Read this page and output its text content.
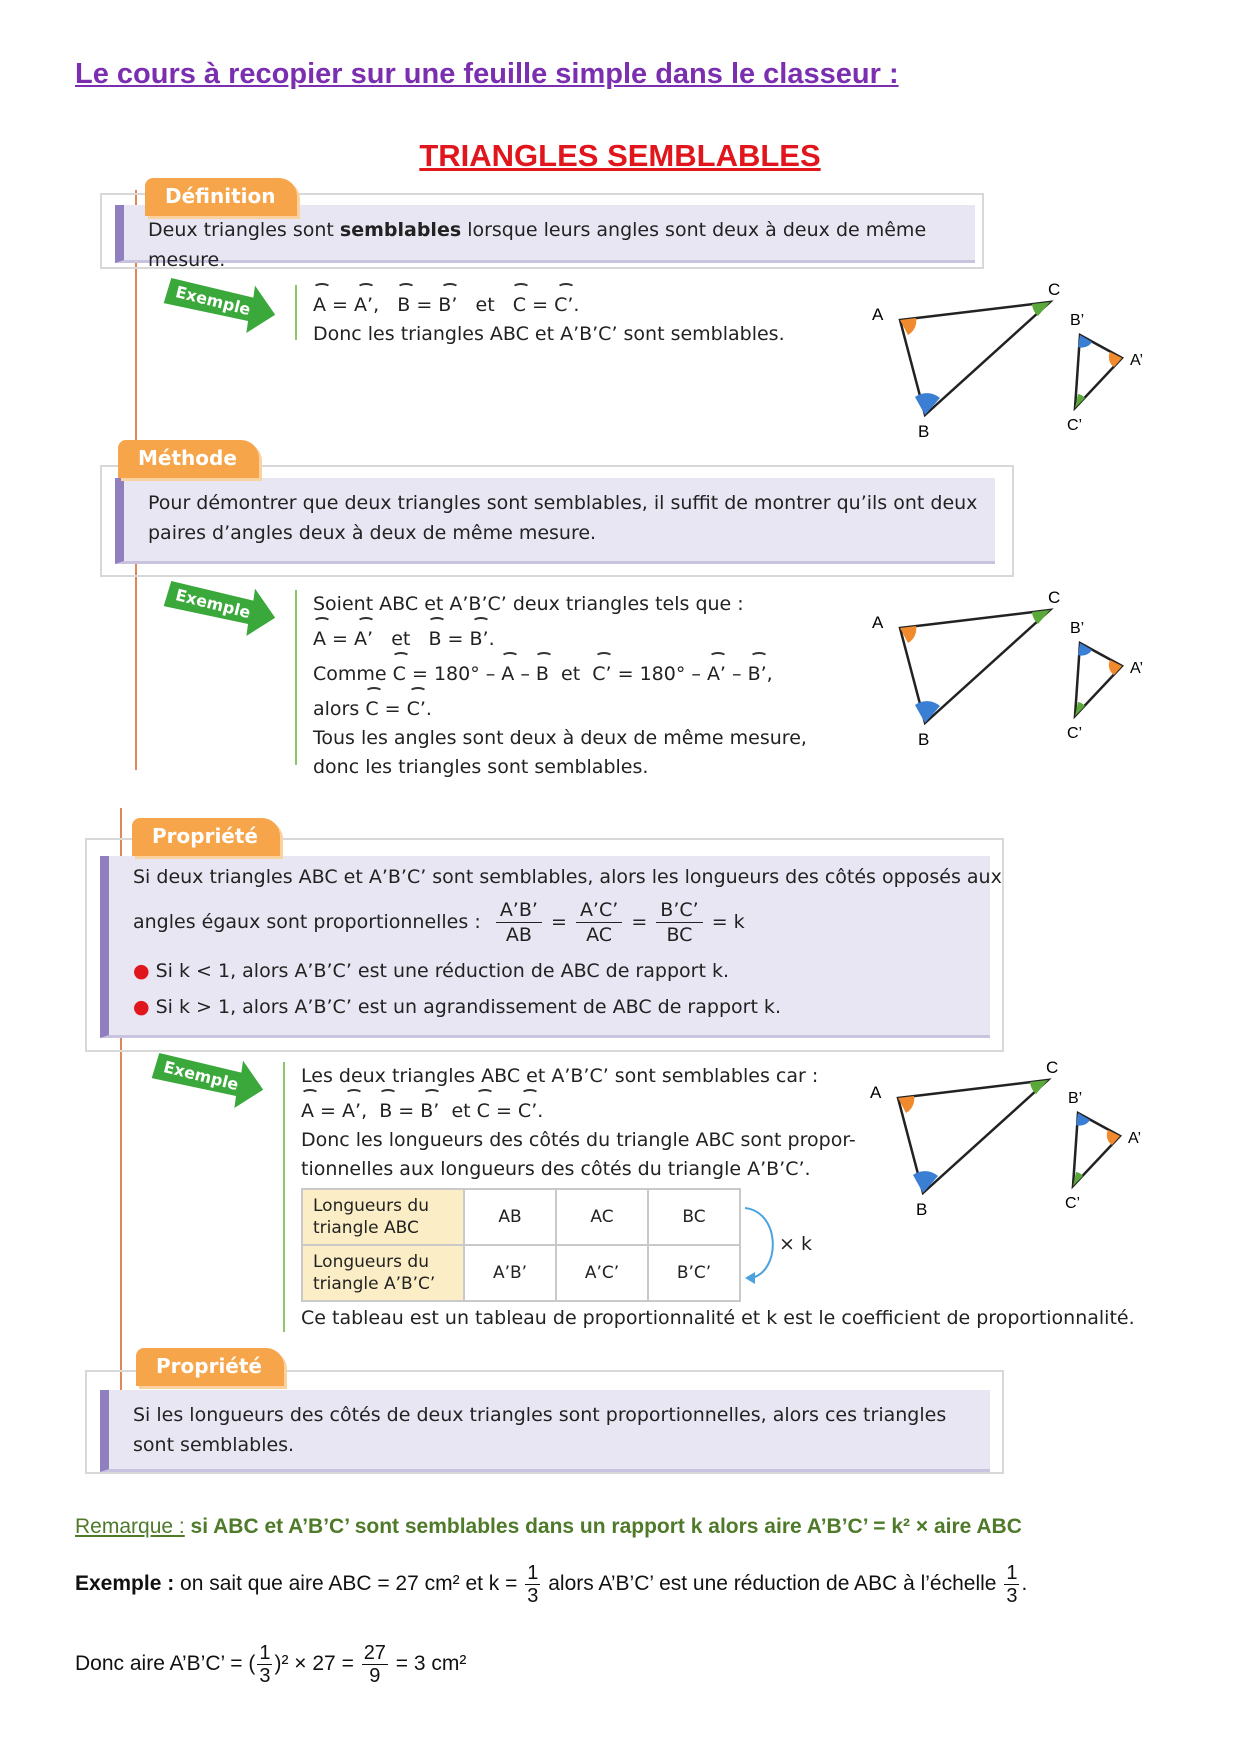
Le cours à recopier sur une feuille simple dans le classeur :
TRIANGLES SEMBLABLES
Deux triangles sont semblables lorsque leurs angles sont deux à deux de même mesure.
Définition
Exemple	A = A’, B = B’ et C = C’.
Donc les triangles ABC et A’B’C’ sont semblables.
A
B
C
B’
A’
C’
Pour démontrer que deux triangles sont semblables, il suffit de montrer qu’ils ont deux paires d’angles deux à deux de même mesure.
Méthode
Exemple	Soient ABC et A’B’C’ deux triangles tels que :
A = A’ et B = B’.
Comme C = 180° – A – B et C’ = 180° – A’ – B’,
alors C = C’.
Tous les angles sont deux à deux de même mesure,
donc les triangles sont semblables.
A
B
C
B’
A’
C’
Si deux triangles ABC et A’B’C’ sont semblables, alors les longueurs des côtés opposés aux
angles égaux sont proportionnelles : $\frac{A’B’}{AB} = \frac{A’C’}{AC} = \frac{B’C’}{BC} = k$
● Si k < 1, alors A’B’C’ est une réduction de ABC de rapport k.
● Si k > 1, alors A’B’C’ est un agrandissement de ABC de rapport k.
Propriété
Exemple	Les deux triangles ABC et A’B’C’ sont semblables car :
A = A’, B = B’ et C = C’.
Donc les longueurs des côtés du triangle ABC sont propor-
tionnelles aux longueurs des côtés du triangle A’B’C’.
Longueurs du triangle ABC	AB	AC	BC
Longueurs du triangle A’B’C’	A’B’	A’C’	B’C’
× k
Ce tableau est un tableau de proportionnalité et k est le coefficient de proportionnalité.
A
B
C
B’
A’
C’
Si les longueurs des côtés de deux triangles sont proportionnelles, alors ces triangles sont semblables.
Propriété
Remarque : si ABC et A’B’C’ sont semblables dans un rapport k alors aire A’B’C’ = k² × aire ABC
Exemple : on sait que aire ABC = 27 cm² et $k = \frac{1}{3}$ alors A’B’C’ est une réduction de ABC à l’échelle $\frac{1}{3}$ .
Donc aire A’B’C’ = ( $\frac{1}{3} )^2 \times 27 = \frac{27}{9} = 3$ cm²
